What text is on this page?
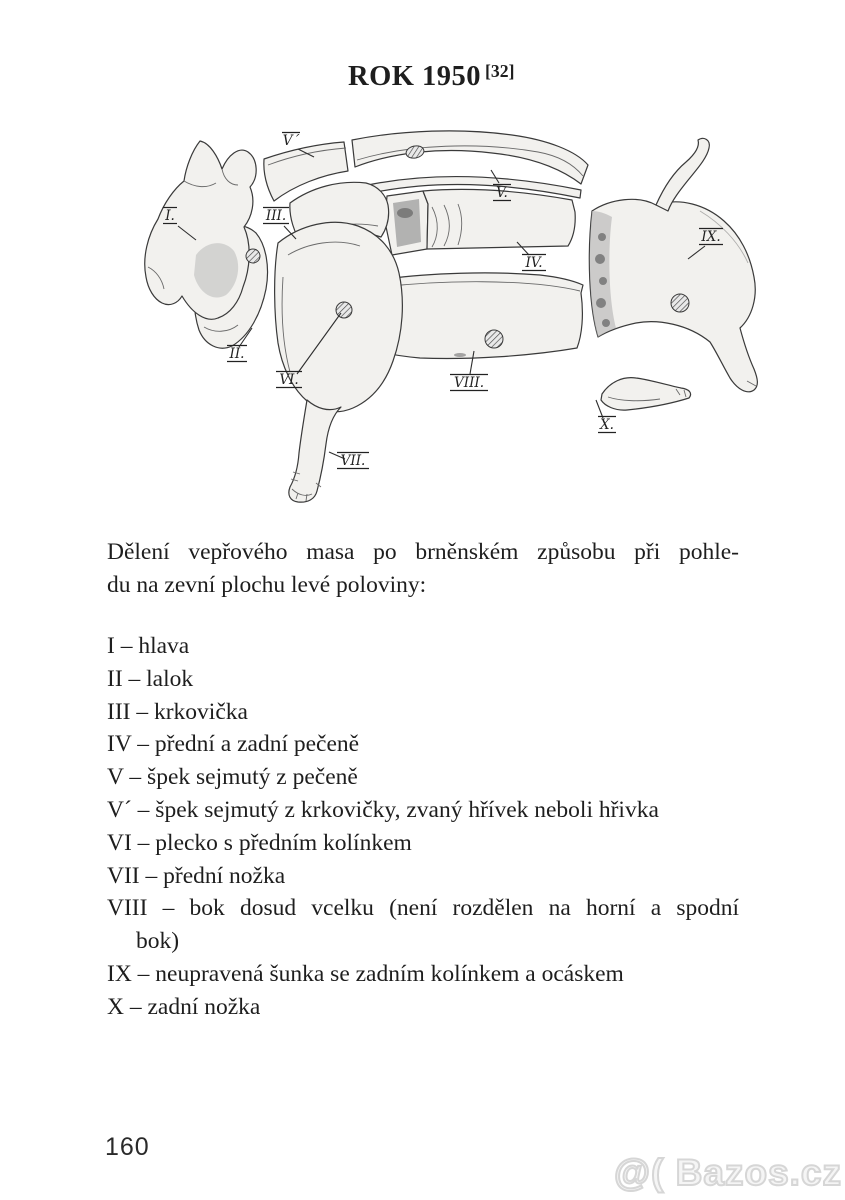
ROK 1950 [32]
I.
II.
III.
IV.
V.
V´
VI.
VII.
VIII.
IX.
X.
Dělení vepřového masa po brněnském způsobu při pohle-
du na zevní plochu levé poloviny:
I – hlava
II – lalok
III – krkovička
IV – přední a zadní pečeně
V – špek sejmutý z pečeně
V´ – špek sejmutý z krkovičky, zvaný hřívek neboli hřivka
VI – plecko s předním kolínkem
VII – přední nožka
VIII – bok dosud vcelku (není rozdělen na horní a spodní
bok)
IX – neupravená šunka se zadním kolínkem a ocáskem
X – zadní nožka
160
@( Bazos.cz
